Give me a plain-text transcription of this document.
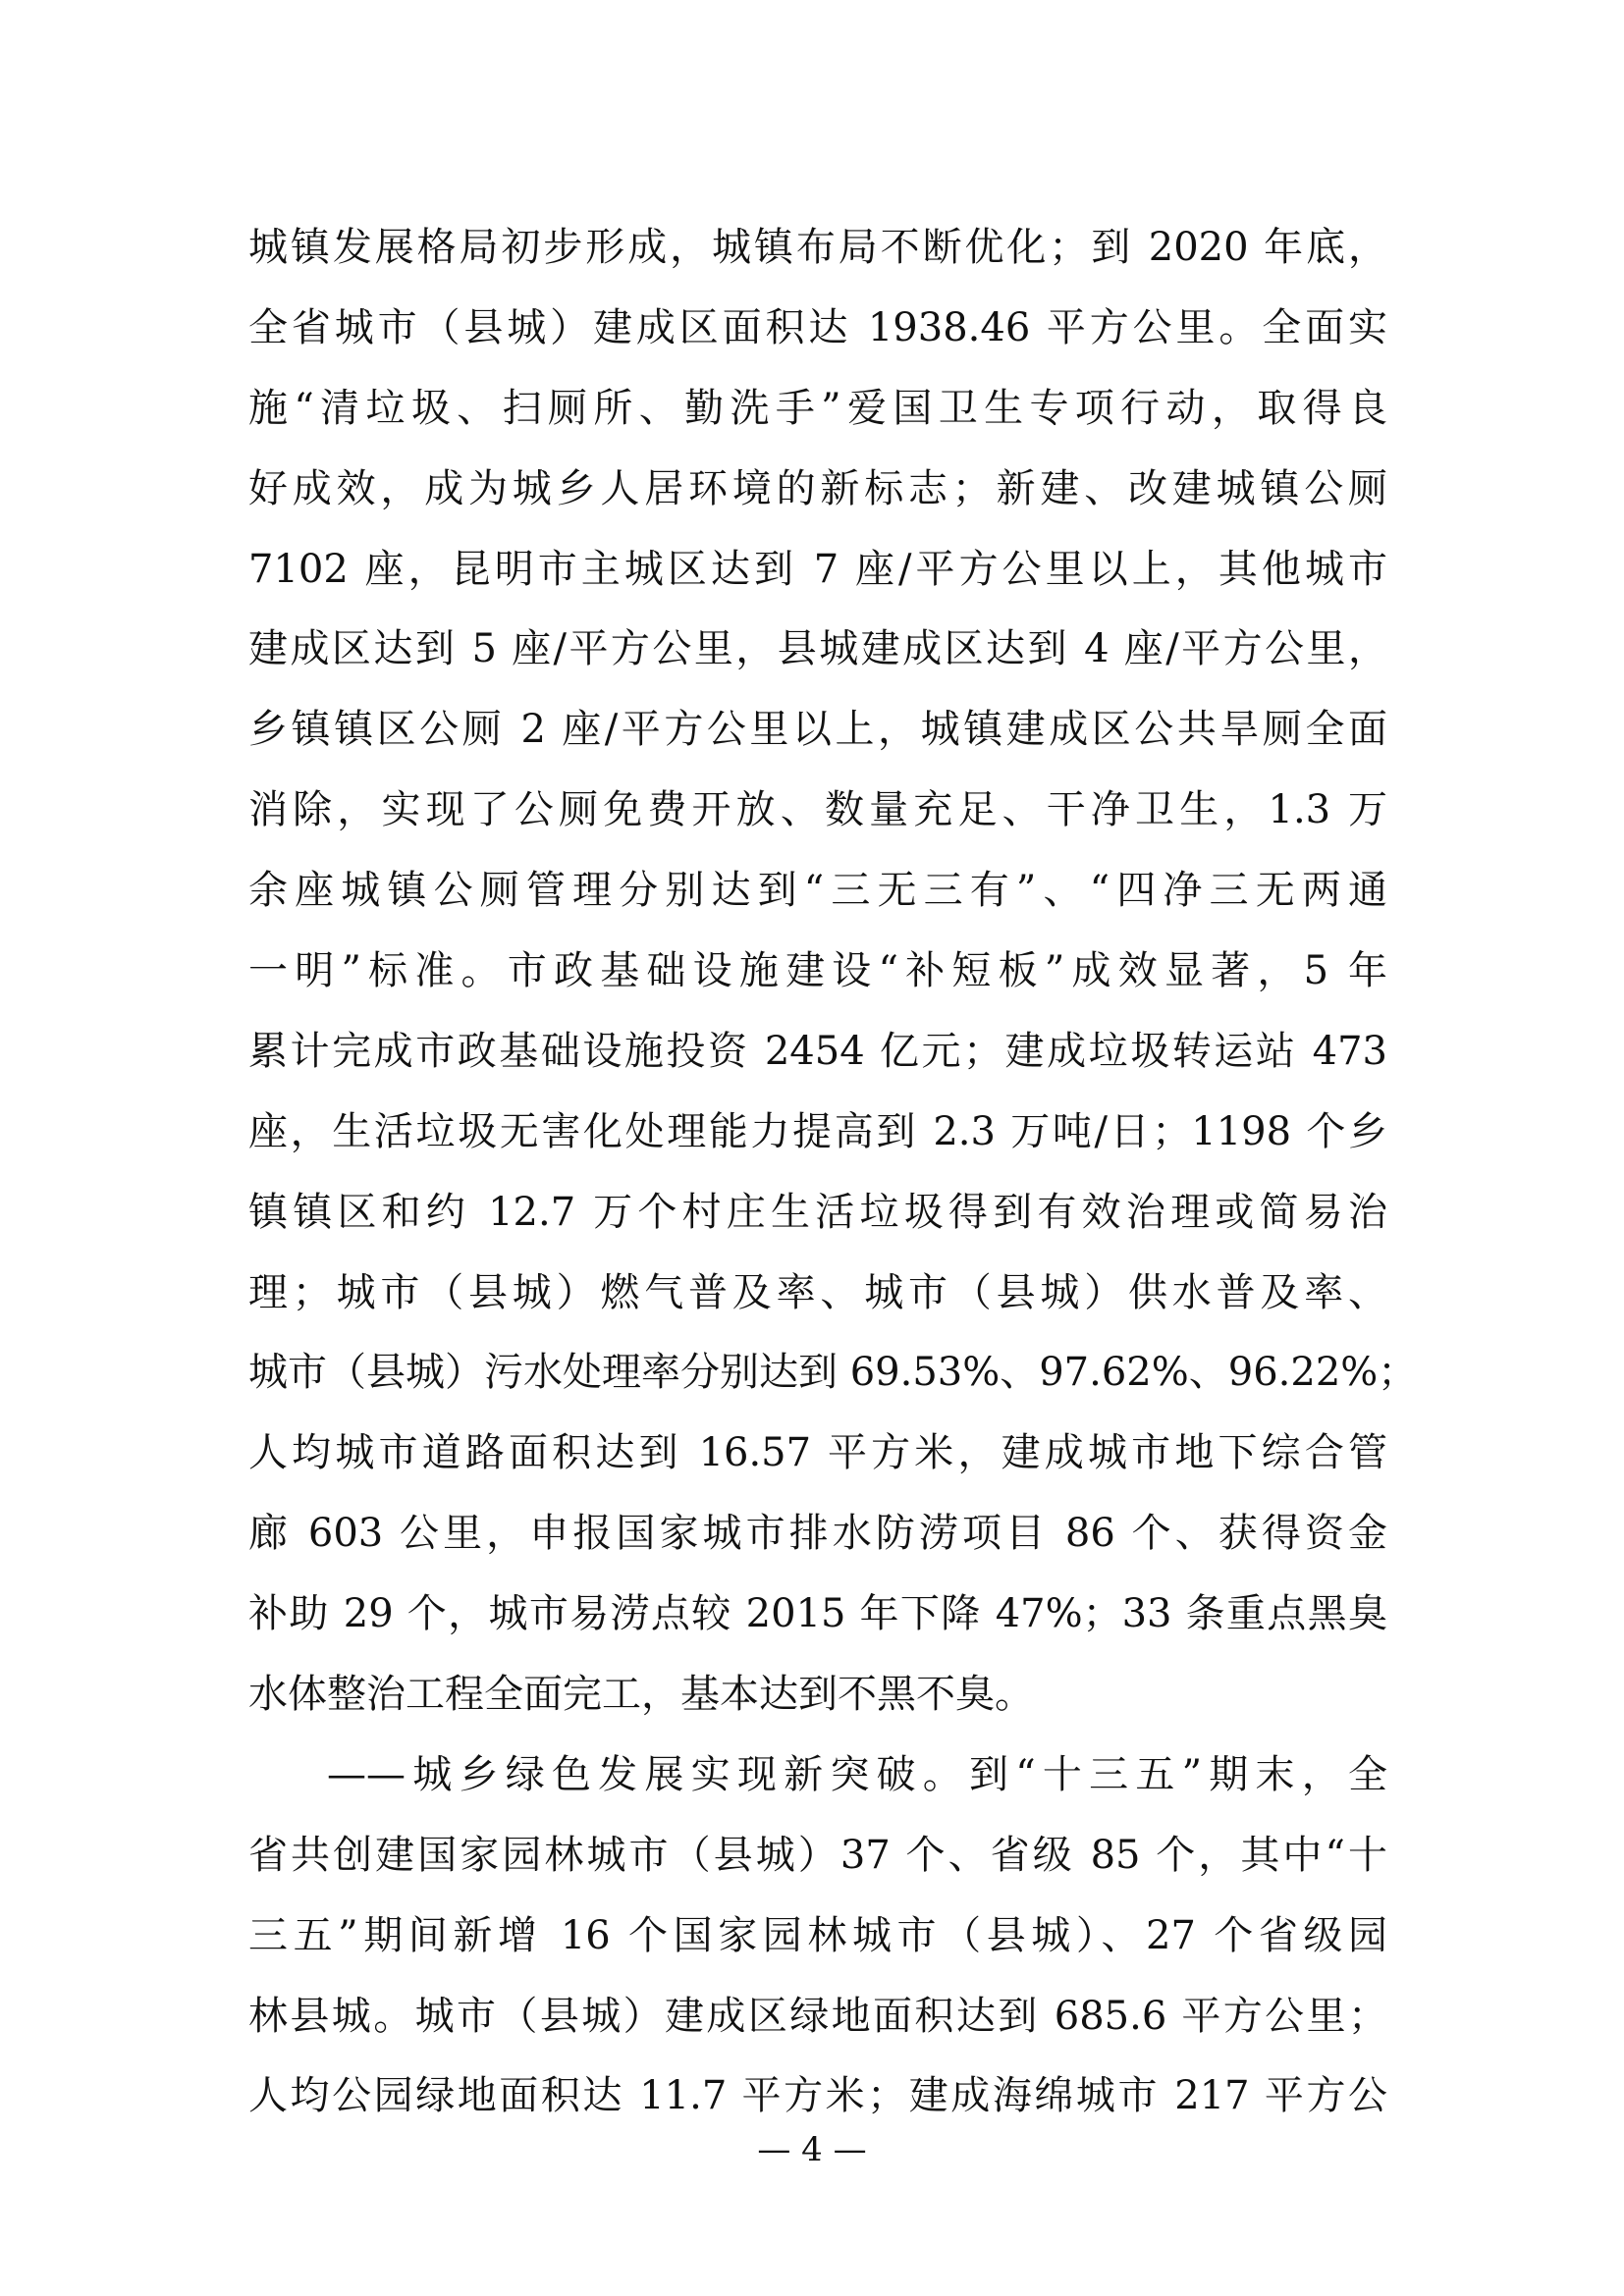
城镇发展格局初步形成，城镇布局不断优化；到 2020 年底，
全省城市（县城）建成区面积达 1938.46 平方公里。全面实
施“清垃圾、扫厕所、勤洗手”爱国卫生专项行动，取得良
好成效，成为城乡人居环境的新标志；新建、改建城镇公厕
7102 座，昆明市主城区达到 7 座/平方公里以上，其他城市
建成区达到 5 座/平方公里，县城建成区达到 4 座/平方公里，
乡镇镇区公厕 2 座/平方公里以上，城镇建成区公共旱厕全面
消除，实现了公厕免费开放、数量充足、干净卫生，1.3 万
余座城镇公厕管理分别达到“三无三有”、“四净三无两通
一明”标准。市政基础设施建设“补短板”成效显著，5 年
累计完成市政基础设施投资 2454 亿元；建成垃圾转运站 473
座，生活垃圾无害化处理能力提高到 2.3 万吨/日；1198 个乡
镇镇区和约 12.7 万个村庄生活垃圾得到有效治理或简易治
理；城市（县城）燃气普及率、城市（县城）供水普及率、
城市（县城）污水处理率分别达到 69.53%、97.62%、96.22%；
人均城市道路面积达到 16.57 平方米，建成城市地下综合管
廊 603 公里，申报国家城市排水防涝项目 86 个、获得资金
补助 29 个，城市易涝点较 2015 年下降 47%；33 条重点黑臭
水体整治工程全面完工，基本达到不黑不臭。
——城乡绿色发展实现新突破。到“十三五”期末，全
省共创建国家园林城市（县城）37 个、省级 85 个，其中“十
三五”期间新增 16 个国家园林城市（县城）、27 个省级园
林县城。城市（县城）建成区绿地面积达到 685.6 平方公里；
人均公园绿地面积达 11.7 平方米；建成海绵城市 217 平方公
— 4 —
